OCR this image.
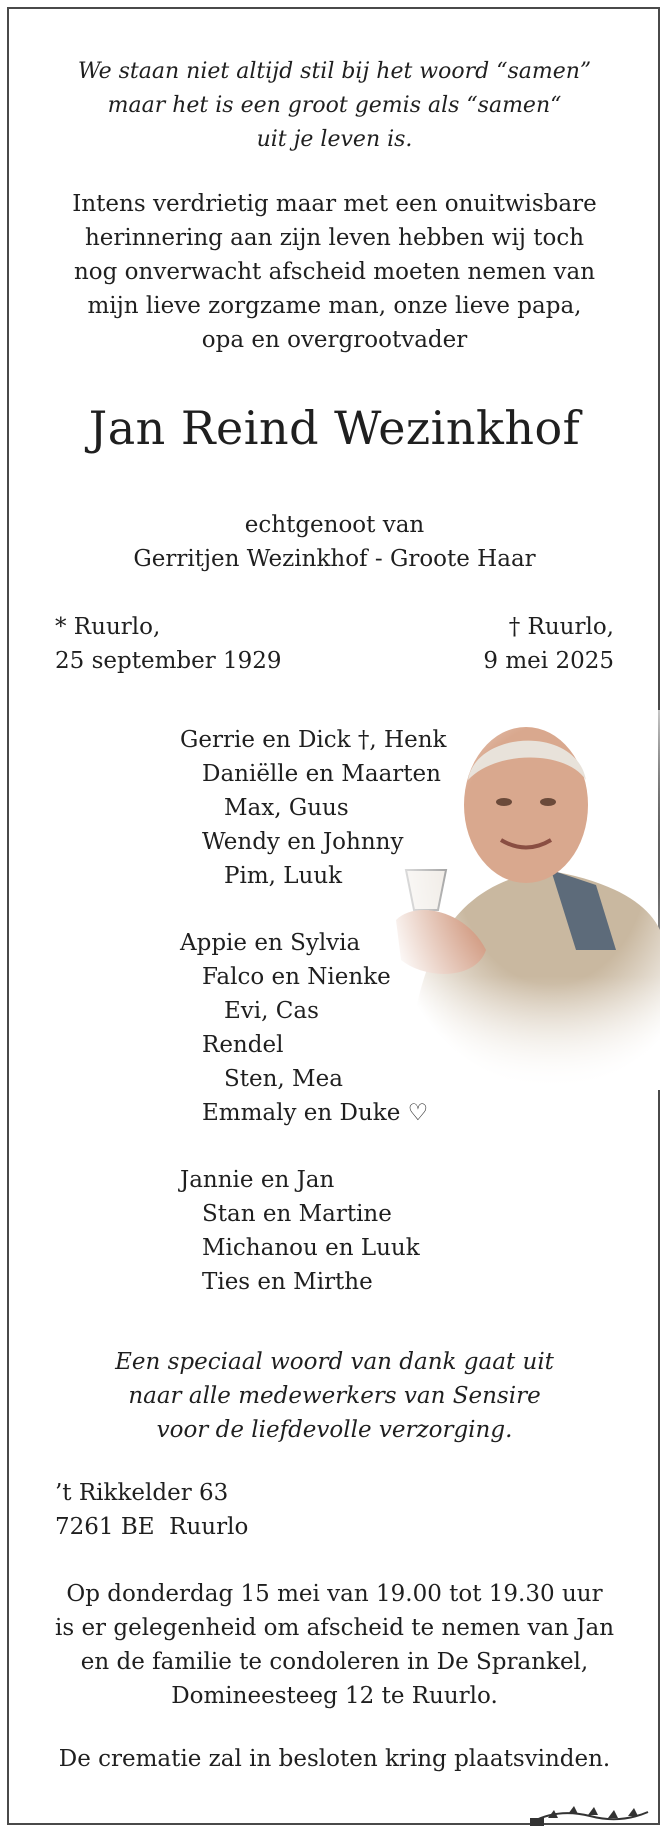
We staan niet altijd stil bij het woord “samen”
maar het is een groot gemis als “samen“
uit je leven is.
Intens verdrietig maar met een onuitwisbare
herinnering aan zijn leven hebben wij toch
nog onverwacht afscheid moeten nemen van
mijn lieve zorgzame man, onze lieve papa,
opa en overgrootvader
Jan Reind Wezinkhof
echtgenoot van
Gerritjen Wezinkhof - Groote Haar
* Ruurlo,
25 september 1929
† Ruurlo,
9 mei 2025
Gerrie en Dick †, Henk
Daniëlle en Maarten
Max, Guus
Wendy en Johnny
Pim, Luuk
Appie en Sylvia
Falco en Nienke
Evi, Cas
Rendel
Sten, Mea
Emmaly en Duke ♡
Jannie en Jan
Stan en Martine
Michanou en Luuk
Ties en Mirthe
Een speciaal woord van dank gaat uit
naar alle medewerkers van Sensire
voor de liefdevolle verzorging.
’t Rikkelder 63
7261 BE  Ruurlo
Op donderdag 15 mei van 19.00 tot 19.30 uur
is er gelegenheid om afscheid te nemen van Jan
en de familie te condoleren in De Sprankel,
Domineesteeg 12 te Ruurlo.
De crematie zal in besloten kring plaatsvinden.
